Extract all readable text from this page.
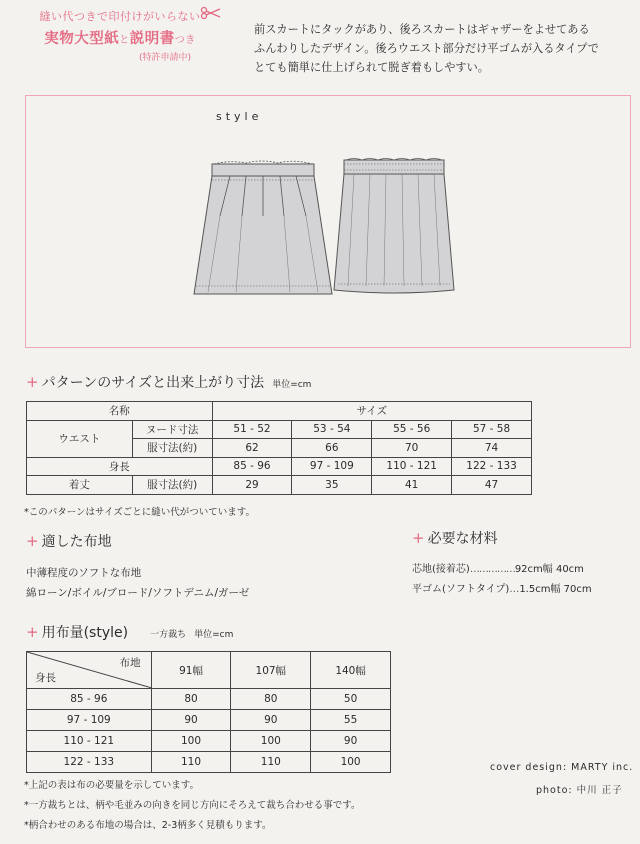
縫い代つきで印付けがいらない
実物大型紙と説明書つき
(特許申請中)
前スカートにタックがあり、後ろスカートはギャザーをよせてある
ふんわりしたデザイン。後ろウエスト部分だけ平ゴムが入るタイプで
とても簡単に仕上げられて脱ぎ着もしやすい。
style
+ パターンのサイズと出来上がり寸法 単位=cm
名称		サイズ			
ウエスト	ヌード寸法	51 - 52	53 - 54	55 - 56	57 - 58
	服寸法(約)	62	66	70	74
身長		85 - 96	97 - 109	110 - 121	122 - 133
着丈	服寸法(約)	29	35	41	47
*このパターンはサイズごとに縫い代がついています。
+ 適した布地
中薄程度のソフトな布地
綿ローン/ボイル/ブロード/ソフトデニム/ガーゼ
+ 必要な材料
芯地(接着芯)……………92cm幅 40cm
平ゴム(ソフトタイプ)…1.5cm幅 70cm
+ 用布量(style) 一方裁ち 単位=cm
布地
身長	91幅	107幅	140幅
85 - 96	80	80	50
97 - 109	90	90	55
110 - 121	100	100	90
122 - 133	110	110	100
*上記の表は布の必要量を示しています。
*一方裁ちとは、柄や毛並みの向きを同じ方向にそろえて裁ち合わせる事です。
*柄合わせのある布地の場合は、2-3柄多く見積もります。
cover design: MARTY inc.
photo: 中川 正子
